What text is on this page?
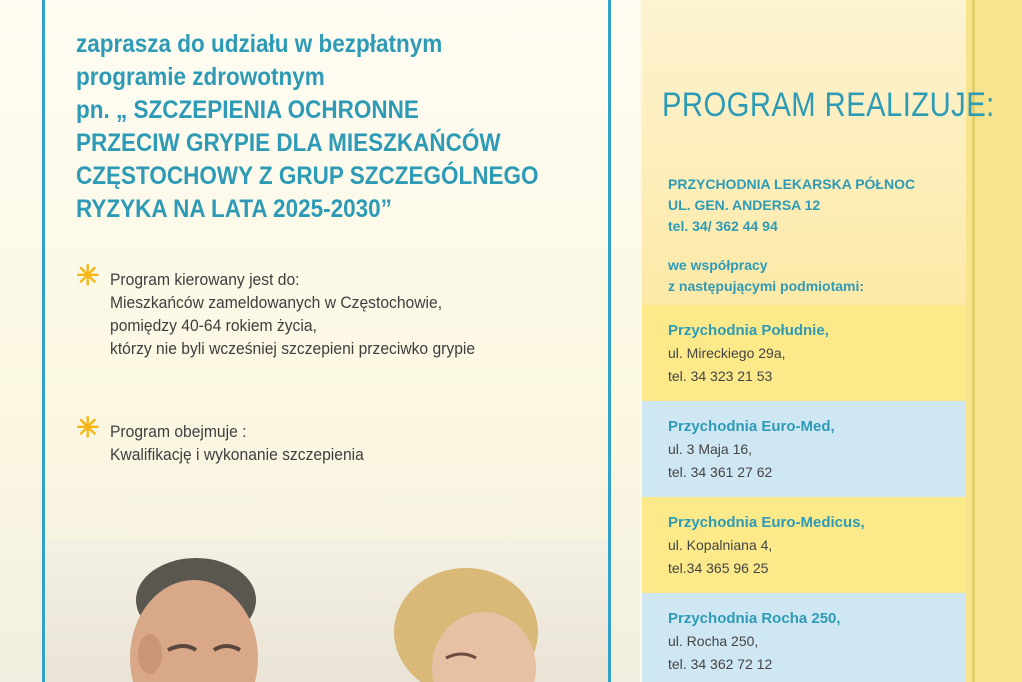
zaprasza do udziału w bezpłatnym
programie zdrowotnym
pn. „ SZCZEPIENIA OCHRONNE
PRZECIW GRYPIE DLA MIESZKAŃCÓW
CZĘSTOCHOWY Z GRUP SZCZEGÓLNEGO
RYZYKA NA LATA 2025-2030”
✳ Program kierowany jest do:
Mieszkańców zameldowanych w Częstochowie,
pomiędzy 40-64 rokiem życia,
którzy nie byli wcześniej szczepieni przeciwko grypie
✳ Program obejmuje :
Kwalifikację i wykonanie szczepienia
PROGRAM REALIZUJE:
PRZYCHODNIA LEKARSKA PÓŁNOC
UL. GEN. ANDERSA 12
tel. 34/ 362 44 94
we współpracy
z następującymi podmiotami:
Przychodnia Południe,
ul. Mireckiego 29a,
tel. 34 323 21 53
Przychodnia Euro-Med,
ul. 3 Maja 16,
tel. 34 361 27 62
Przychodnia Euro-Medicus,
ul. Kopalniana 4,
tel.34 365 96 25
Przychodnia Rocha 250,
ul. Rocha 250,
tel. 34 362 72 12
